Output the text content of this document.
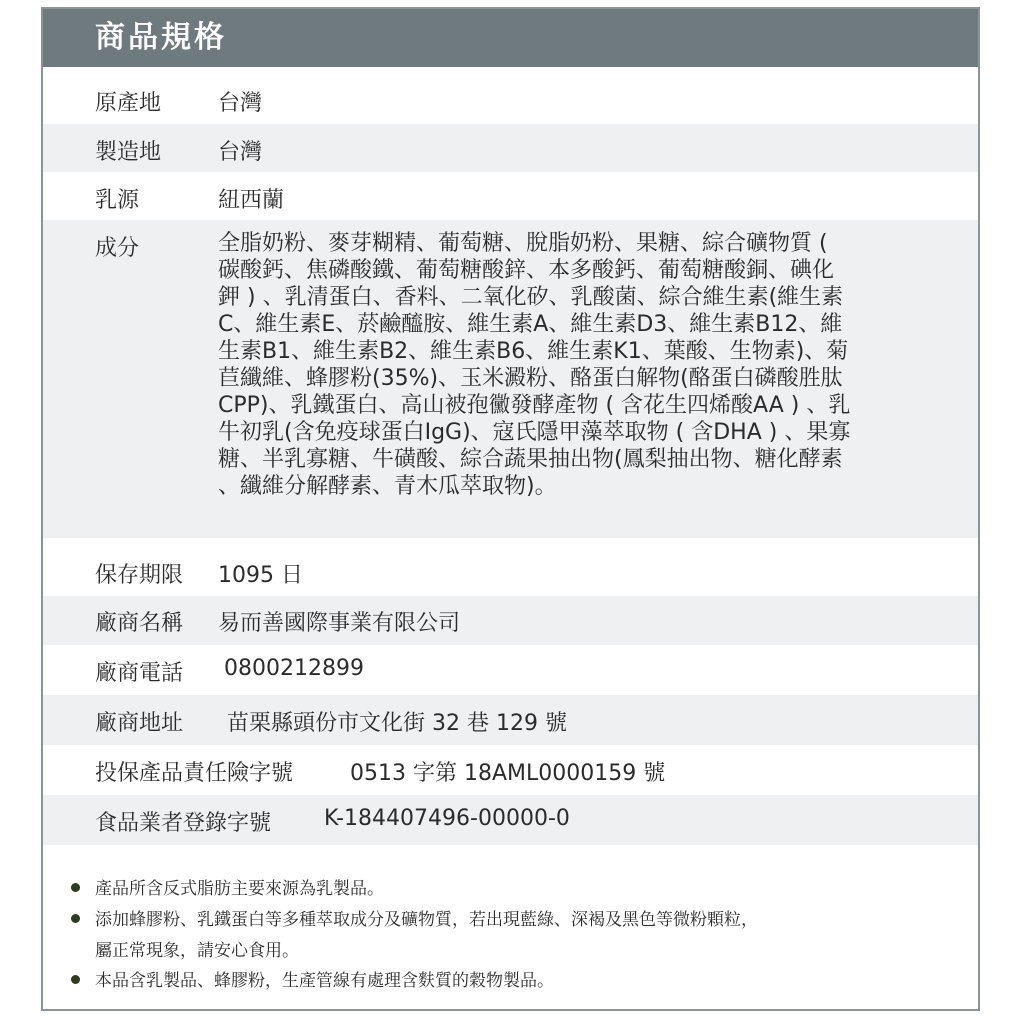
商品規格
原產地	台灣
製造地	台灣
乳源	紐西蘭
成分	全脂奶粉、麥芽糊精、葡萄糖、脫脂奶粉、果糖、綜合礦物質 (
碳酸鈣、焦磷酸鐵、葡萄糖酸鋅、本多酸鈣、葡萄糖酸銅、碘化
鉀 ) 、乳清蛋白、香料、二氧化矽、乳酸菌、綜合維生素(維生素
C、維生素E、菸鹼醯胺、維生素A、維生素D3、維生素B12、維
生素B1、維生素B2、維生素B6、維生素K1、葉酸、生物素)、菊
苣纖維、蜂膠粉(35%)、玉米澱粉、酪蛋白解物(酪蛋白磷酸胜肽
CPP)、乳鐵蛋白、高山被孢黴發酵產物 ( 含花生四烯酸AA ) 、乳
牛初乳(含免疫球蛋白IgG)、寇氏隱甲藻萃取物 ( 含DHA ) 、果寡
糖、半乳寡糖、牛磺酸、綜合蔬果抽出物(鳳梨抽出物、糖化酵素
、纖維分解酵素、青木瓜萃取物)。
保存期限 1095 日
廠商名稱 易而善國際事業有限公司
廠商電話 0800212899
廠商地址 苗栗縣頭份市文化街 32 巷 129 號
投保產品責任險字號	0513 字第 18AML0000159 號
食品業者登錄字號 K-184407496-00000-0
產品所含反式脂肪主要來源為乳製品。
添加蜂膠粉、乳鐵蛋白等多種萃取成分及礦物質，若出現藍綠、深褐及黑色等微粉顆粒，
屬正常現象，請安心食用。
本品含乳製品、蜂膠粉，生產管線有處理含麩質的穀物製品。
